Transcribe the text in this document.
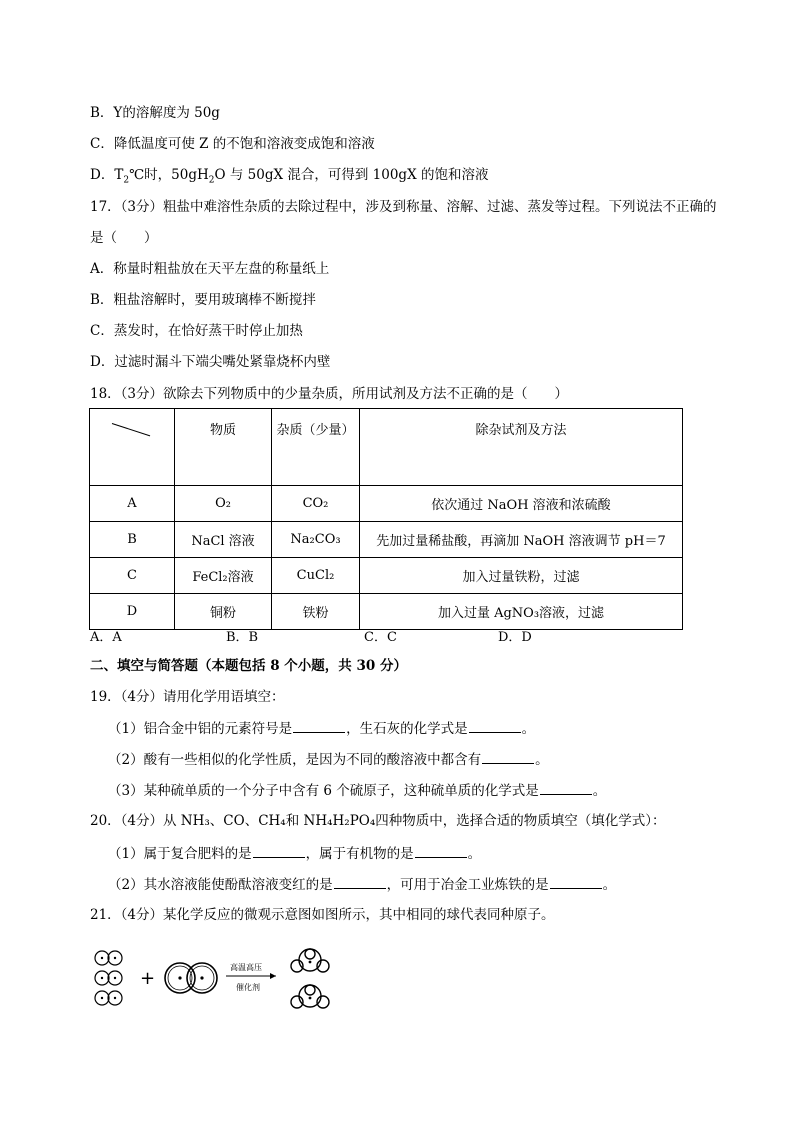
B．Y的溶解度为 50g
C．降低温度可使 Z 的不饱和溶液变成饱和溶液
D．$T_2℃$时，$50gH_2O$ 与 50gX 混合，可得到 100gX 的饱和溶液
17．（3分）粗盐中难溶性杂质的去除过程中，涉及到称量、溶解、过滤、蒸发等过程。下列说法不正确的
是（　　）
A．称量时粗盐放在天平左盘的称量纸上
B．粗盐溶解时，要用玻璃棒不断搅拌
C．蒸发时，在恰好蒸干时停止加热
D．过滤时漏斗下端尖嘴处紧靠烧杯内壁
18．（3分）欲除去下列物质中的少量杂质，所用试剂及方法不正确的是（　　）
	物质	杂质（少量）	除杂试剂及方法
A	O₂	CO₂	依次通过 NaOH 溶液和浓硫酸
B	NaCl 溶液	Na₂CO₃	先加过量稀盐酸，再滴加 NaOH 溶液调节 pH＝7
C	FeCl₂溶液	CuCl₂	加入过量铁粉，过滤
D	铜粉	铁粉	加入过量 AgNO₃溶液，过滤
A．A	B．B	C．C	D．D
二、填空与简答题（本题包括 8 个小题，共 30 分）
19．（4分）请用化学用语填空：
（1）铝合金中铝的元素符号是	，生石灰的化学式是	。
（2）酸有一些相似的化学性质，是因为不同的酸溶液中都含有	。
（3）某种硫单质的一个分子中含有 6 个硫原子，这种硫单质的化学式是	。
20．（4分）从 NH₃、CO、CH₄和 NH₄H₂PO₄四种物质中，选择合适的物质填空（填化学式）：
（1）属于复合肥料的是	，属于有机物的是	。
（2）其水溶液能使酚酞溶液变红的是	，可用于冶金工业炼铁的是	。
21．（4分）某化学反应的微观示意图如图所示，其中相同的球代表同种原子。
+
高温高压
催化剂
